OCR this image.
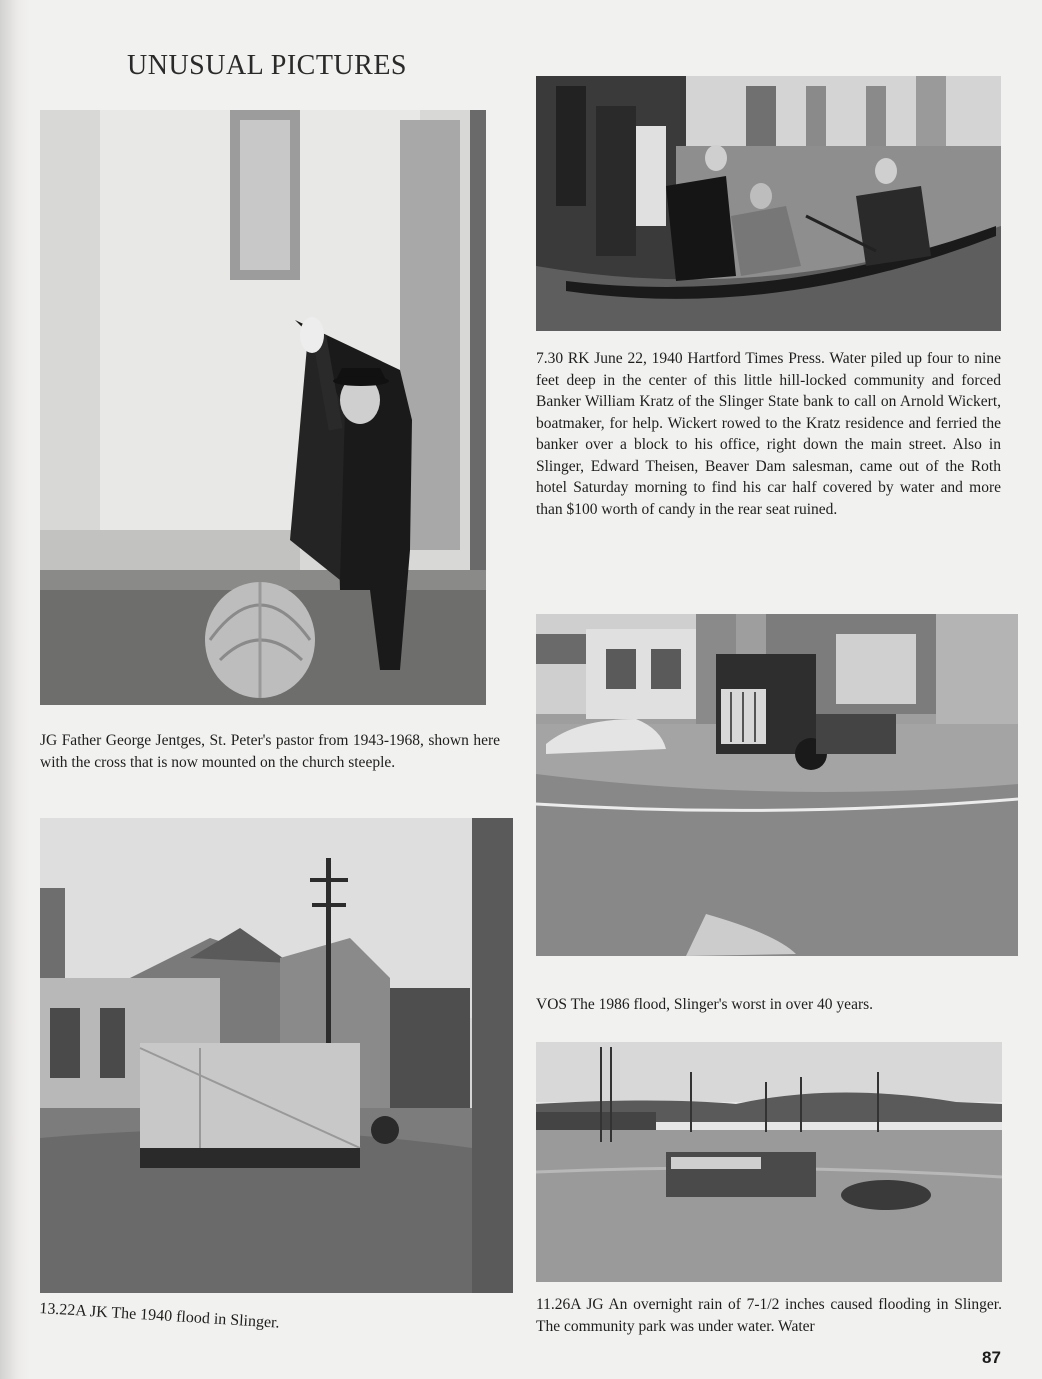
UNUSUAL PICTURES
JG Father George Jentges, St. Peter's pastor from 1943-1968, shown here with the cross that is now mounted on the church steeple.
7.30 RK June 22, 1940 Hartford Times Press. Water piled up four to nine feet deep in the center of this little hill-locked community and forced Banker William Kratz of the Slinger State bank to call on Arnold Wickert, boatmaker, for help. Wickert rowed to the Kratz residence and ferried the banker over a block to his office, right down the main street. Also in Slinger, Edward Theisen, Beaver Dam salesman, came out of the Roth hotel Saturday morning to find his car half covered by water and more than $100 worth of candy in the rear seat ruined.
VOS The 1986 flood, Slinger's worst in over 40 years.
13.22A JK The 1940 flood in Slinger.	11.26A JG An overnight rain of 7-1/2 inches caused flooding in Slinger. The community park was under water. Water
87
